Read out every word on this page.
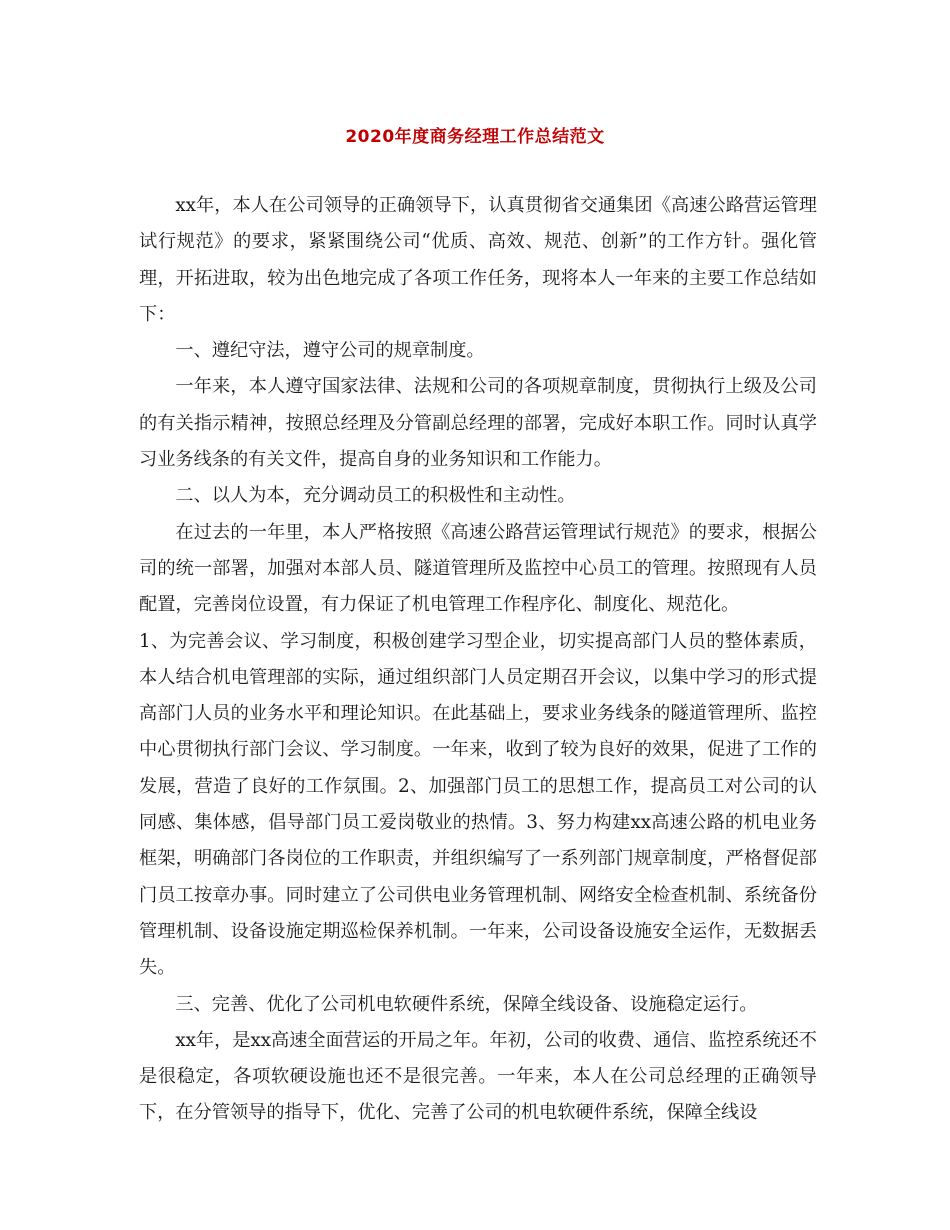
2020年度商务经理工作总结范文

xx年，本人在公司领导的正确领导下，认真贯彻省交通集团《高速公路营运管理试行规范》的要求，紧紧围绕公司“优质、高效、规范、创新”的工作方针。强化管理，开拓进取，较为出色地完成了各项工作任务，现将本人一年来的主要工作总结如下：

一、遵纪守法，遵守公司的规章制度。

一年来，本人遵守国家法律、法规和公司的各项规章制度，贯彻执行上级及公司的有关指示精神，按照总经理及分管副总经理的部署，完成好本职工作。同时认真学习业务线条的有关文件，提高自身的业务知识和工作能力。

二、以人为本，充分调动员工的积极性和主动性。

在过去的一年里，本人严格按照《高速公路营运管理试行规范》的要求，根据公司的统一部署，加强对本部人员、隧道管理所及监控中心员工的管理。按照现有人员配置，完善岗位设置，有力保证了机电管理工作程序化、制度化、规范化。

1、为完善会议、学习制度，积极创建学习型企业，切实提高部门人员的整体素质，本人结合机电管理部的实际，通过组织部门人员定期召开会议，以集中学习的形式提高部门人员的业务水平和理论知识。在此基础上，要求业务线条的隧道管理所、监控中心贯彻执行部门会议、学习制度。一年来，收到了较为良好的效果，促进了工作的发展，营造了良好的工作氛围。2、加强部门员工的思想工作，提高员工对公司的认同感、集体感，倡导部门员工爱岗敬业的热情。3、努力构建xx高速公路的机电业务框架，明确部门各岗位的工作职责，并组织编写了一系列部门规章制度，严格督促部门员工按章办事。同时建立了公司供电业务管理机制、网络安全检查机制、系统备份管理机制、设备设施定期巡检保养机制。一年来，公司设备设施安全运作，无数据丢失。

三、完善、优化了公司机电软硬件系统，保障全线设备、设施稳定运行。

xx年，是xx高速全面营运的开局之年。年初，公司的收费、通信、监控系统还不是很稳定，各项软硬设施也还不是很完善。一年来，本人在公司总经理的正确领导下，在分管领导的指导下，优化、完善了公司的机电软硬件系统，保障全线设
